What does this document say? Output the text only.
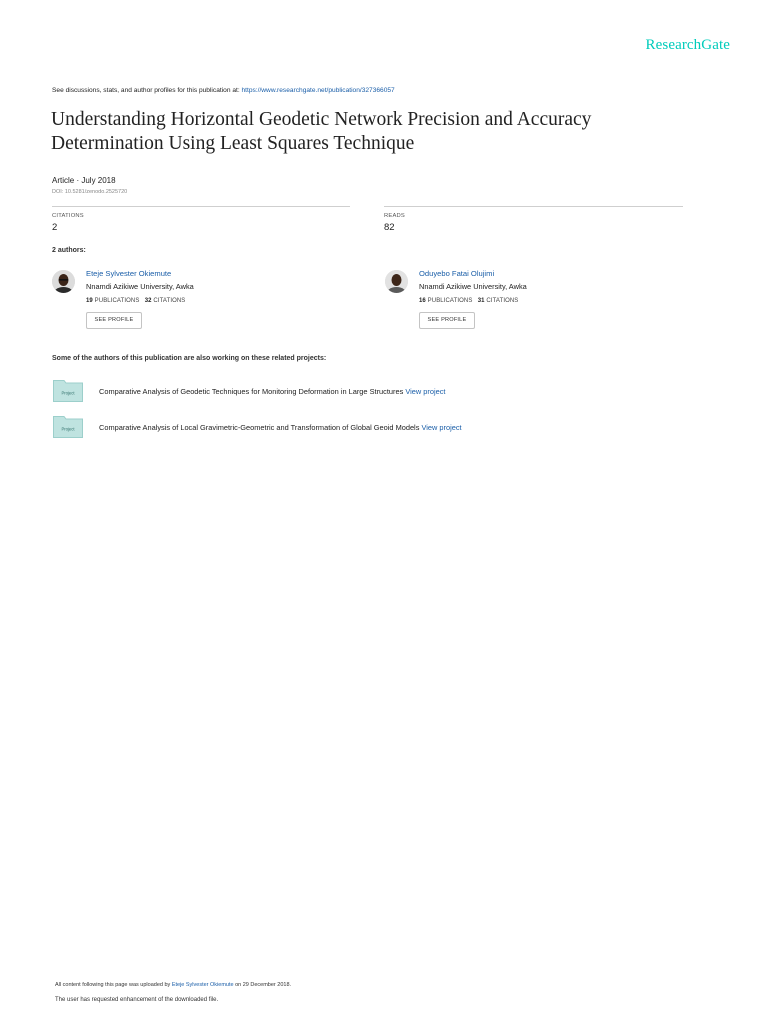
ResearchGate
See discussions, stats, and author profiles for this publication at: https://www.researchgate.net/publication/327366057
Understanding Horizontal Geodetic Network Precision and Accuracy
Determination Using Least Squares Technique
Article · July 2018
DOI: 10.5281/zenodo.2525720
CITATIONS
2
READS
82
2 authors:
Eteje Sylvester Okiemute
Nnamdi Azikiwe University, Awka
19 PUBLICATIONS 32 CITATIONS
SEE PROFILE
Oduyebo Fatai Olujimi
Nnamdi Azikiwe University, Awka
16 PUBLICATIONS 31 CITATIONS
SEE PROFILE
Some of the authors of this publication are also working on these related projects:
Project	Comparative Analysis of Geodetic Techniques for Monitoring Deformation in Large Structures View project
Project	Comparative Analysis of Local Gravimetric-Geometric and Transformation of Global Geoid Models View project
All content following this page was uploaded by Eteje Sylvester Okiemute on 29 December 2018.
The user has requested enhancement of the downloaded file.
